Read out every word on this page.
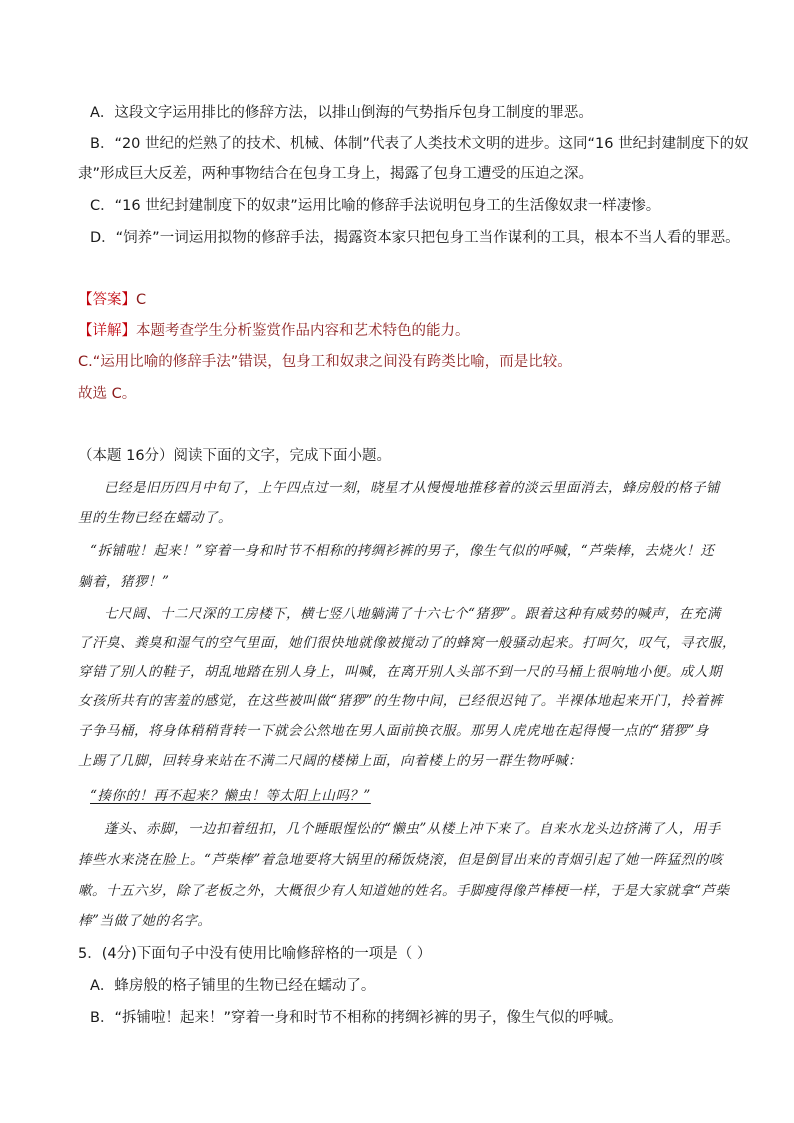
A．这段文字运用排比的修辞方法，以排山倒海的气势指斥包身工制度的罪恶。
B．“20 世纪的烂熟了的技术、机械、体制”代表了人类技术文明的进步。这同“16 世纪封建制度下的奴
隶”形成巨大反差，两种事物结合在包身工身上，揭露了包身工遭受的压迫之深。
C．“16 世纪封建制度下的奴隶”运用比喻的修辞手法说明包身工的生活像奴隶一样凄惨。
D．“饲养”一词运用拟物的修辞手法，揭露资本家只把包身工当作谋利的工具，根本不当人看的罪恶。
【答案】C
【详解】本题考查学生分析鉴赏作品内容和艺术特色的能力。
C.“运用比喻的修辞手法”错误，包身工和奴隶之间没有跨类比喻，而是比较。
故选 C。
（本题 16分）阅读下面的文字，完成下面小题。
已经是旧历四月中旬了，上午四点过一刻，晓星才从慢慢地推移着的淡云里面消去，蜂房般的格子铺
里的生物已经在蠕动了。
“拆铺啦！起来！”穿着一身和时节不相称的拷绸衫裤的男子，像生气似的呼喊，“芦柴棒，去烧火！还
躺着，猪猡！”
七尺阔、十二尺深的工房楼下，横七竖八地躺满了十六七个“猪猡”。跟着这种有威势的喊声，在充满
了汗臭、粪臭和湿气的空气里面，她们很快地就像被搅动了的蜂窝一般骚动起来。打呵欠，叹气，寻衣服，
穿错了别人的鞋子，胡乱地踏在别人身上，叫喊，在离开别人头部不到一尺的马桶上很响地小便。成人期
女孩所共有的害羞的感觉，在这些被叫做“猪猡”的生物中间，已经很迟钝了。半裸体地起来开门，拎着裤
子争马桶，将身体稍稍背转一下就会公然地在男人面前换衣服。那男人虎虎地在起得慢一点的“猪猡”身
上踢了几脚，回转身来站在不满二尺阔的楼梯上面，向着楼上的另一群生物呼喊：
“揍你的！再不起来？懒虫！等太阳上山吗？”
蓬头、赤脚，一边扣着纽扣，几个睡眼惺忪的“懒虫”从楼上冲下来了。自来水龙头边挤满了人，用手
捧些水来浇在脸上。“芦柴棒”着急地要将大锅里的稀饭烧滚，但是倒冒出来的青烟引起了她一阵猛烈的咳
嗽。十五六岁，除了老板之外，大概很少有人知道她的姓名。手脚瘦得像芦棒梗一样，于是大家就拿“芦柴
棒”当做了她的名字。
5．(4分)下面句子中没有使用比喻修辞格的一项是（ ）
A．蜂房般的格子铺里的生物已经在蠕动了。
B．“拆铺啦！起来！”穿着一身和时节不相称的拷绸衫裤的男子，像生气似的呼喊。
